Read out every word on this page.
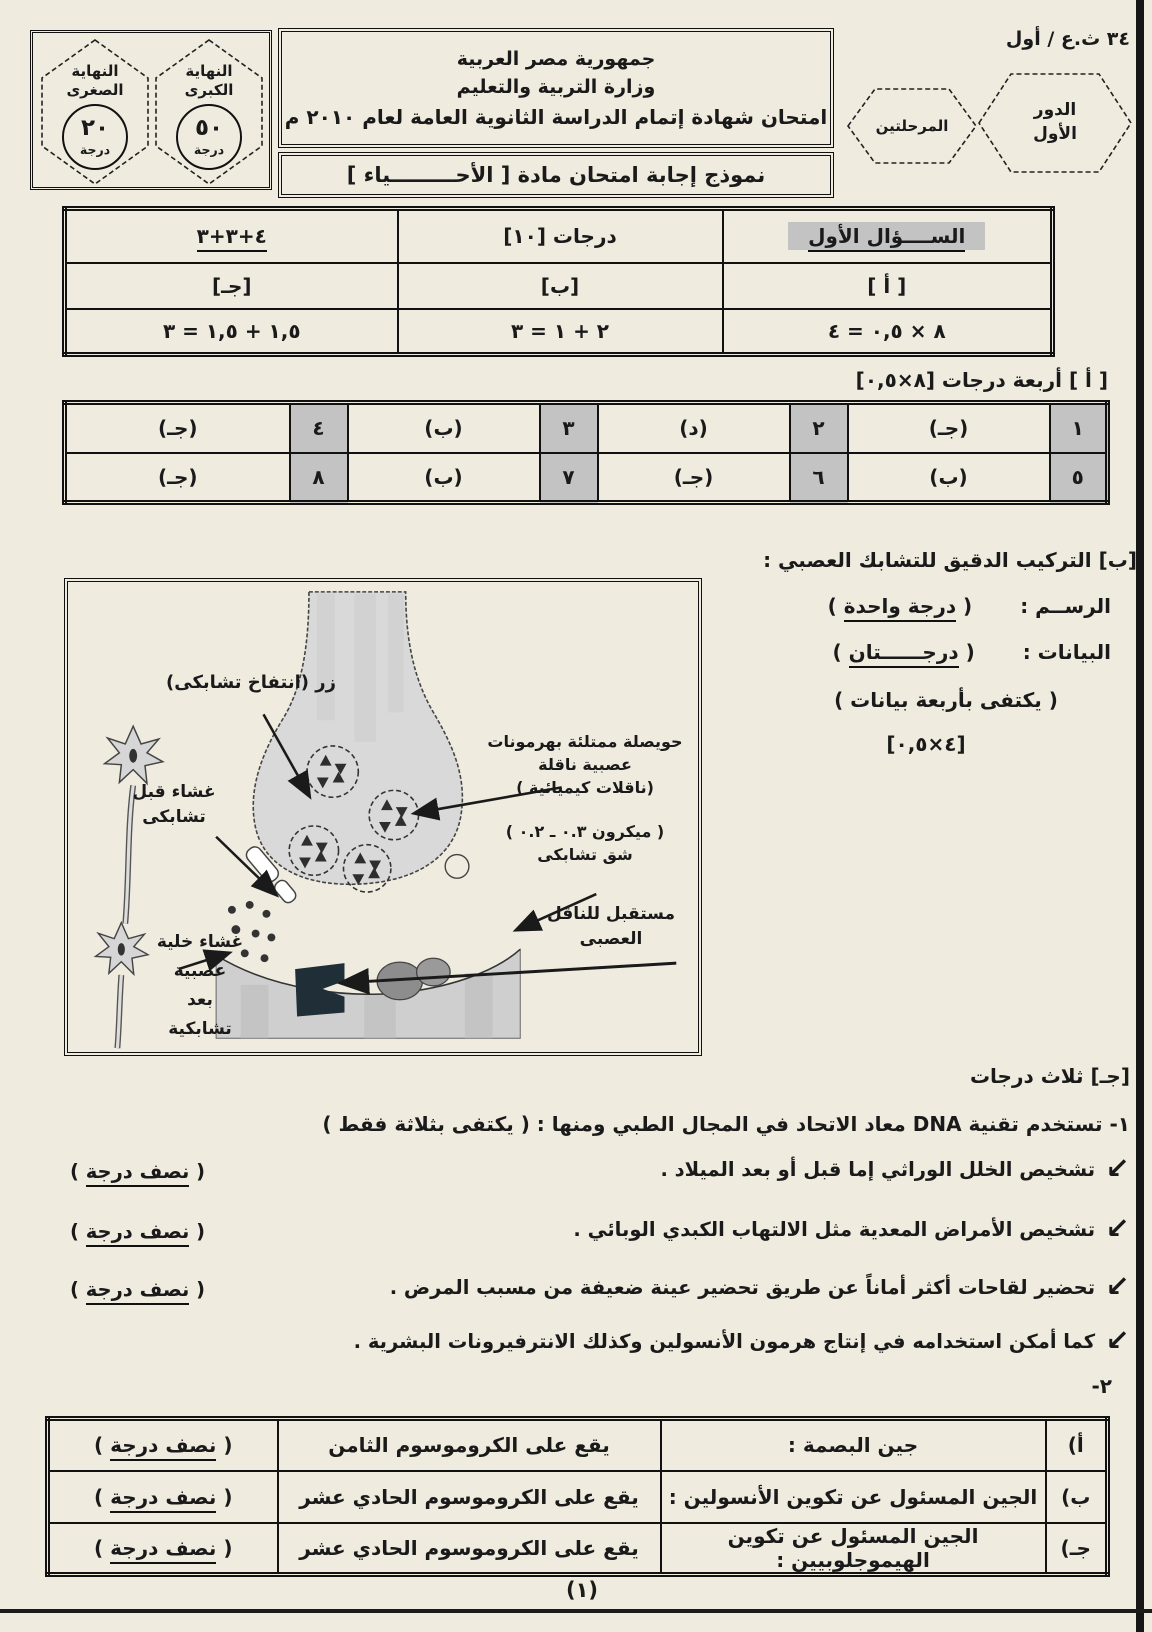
النهاية
الصغرى
٢٠
درجة
النهاية
الكبرى
٥٠
درجة
جمهورية مصر العربية
وزارة التربية والتعليم
امتحان شهادة إتمام الدراسة الثانوية العامة لعام ٢٠١٠ م
نموذج إجابة امتحان مادة [ الأحـــــــــياء ]
٣٤ ث.ع / أول
الدور
الأول
المرحلتين
الســــؤال الأول	درجات [١٠]	٤+٣+٣
[ أ ]	[ب]	[جـ]
٨ × ٠,٥ = ٤	٢ + ١ = ٣	١,٥ + ١,٥ = ٣
[ أ ] أربعة درجات [٨×٠,٥]
١	(جـ)	٢	(د)	٣	(ب)	٤	(جـ)
٥	(ب)	٦	(جـ)	٧	(ب)	٨	(جـ)
[ب] التركيب الدقيق للتشابك العصبي :
الرســم :
( درجة واحدة )
البيانات :
( درجــــــتان )
( يكتفى بأربعة بيانات )
[٤×٠,٥]
زر (انتفاخ تشابكى)
غشاء قبل
تشابكى
حويصلة ممتلئة بهرمونات
عصبية ناقلة
(ناقلات كيميائية )
( ميكرون ٠.٣ ـ ٠.٢ )
شق تشابكى
مستقبل للناقل
العصبى
غشاء خلية
عصبية
بعد
تشابكية
[جـ] ثلاث درجات
١- تستخدم تقنية DNA معاد الاتحاد في المجال الطبي ومنها : ( يكتفى بثلاثة فقط )
↙
تشخيص الخلل الوراثي إما قبل أو بعد الميلاد .
( نصف درجة )
↙
تشخيص الأمراض المعدية مثل الالتهاب الكبدي الوبائي .
( نصف درجة )
↙
تحضير لقاحات أكثر أماناً عن طريق تحضير عينة ضعيفة من مسبب المرض .
( نصف درجة )
↙
كما أمكن استخدامه في إنتاج هرمون الأنسولين وكذلك الانترفيرونات البشرية .
٢-
أ)	جين البصمة :	يقع على الكروموسوم الثامن	( نصف درجة )
ب)	الجين المسئول عن تكوين الأنسولين :	يقع على الكروموسوم الحادي عشر	( نصف درجة )
جـ)	الجين المسئول عن تكوين الهيموجلوبيين :	يقع على الكروموسوم الحادي عشر	( نصف درجة )
(١)
